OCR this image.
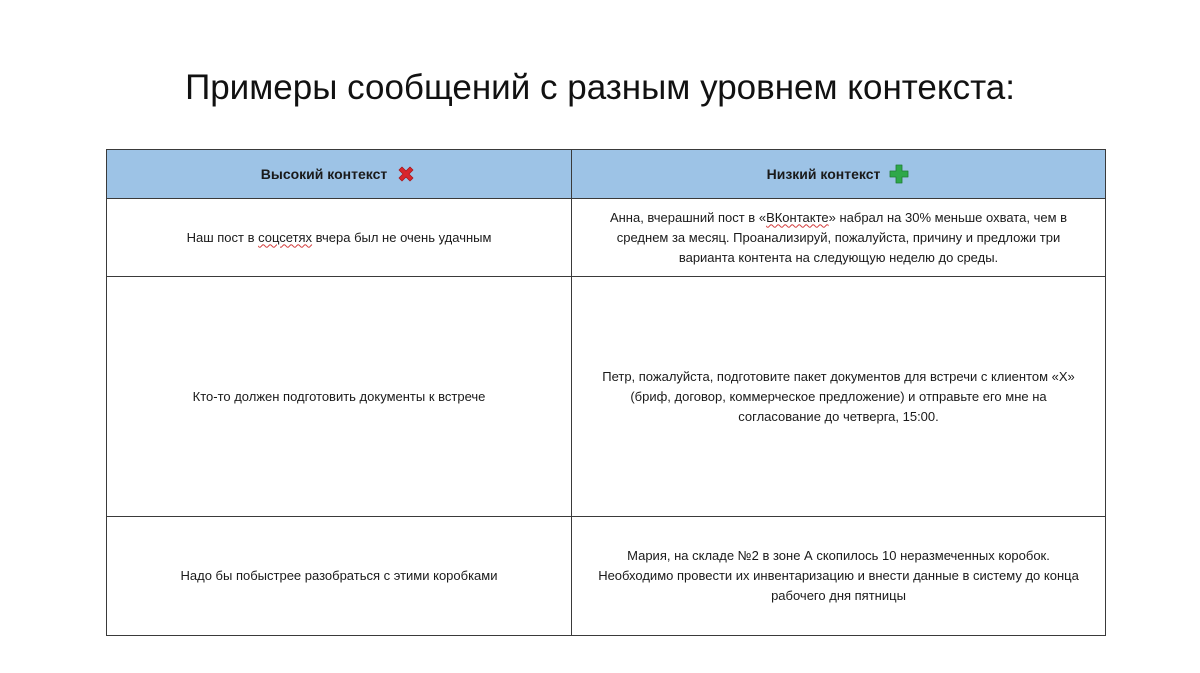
Примеры сообщений с разным уровнем контекста:
Высокий контекст	Низкий контекст

Наш пост в соцсетях вчера был не очень удачным	Анна, вчерашний пост в «ВКонтакте» набрал на 30% меньше охвата, чем в среднем за месяц. Проанализируй, пожалуйста, причину и предложи три варианта контента на следующую неделю до среды.
Кто-то должен подготовить документы к встрече	Петр, пожалуйста, подготовите пакет документов для встречи с клиентом «Х» (бриф, договор, коммерческое предложение) и отправьте его мне на согласование до четверга, 15:00.
Надо бы побыстрее разобраться с этими коробками	Мария, на складе №2 в зоне А скопилось 10 неразмеченных коробок. Необходимо провести их инвентаризацию и внести данные в систему до конца рабочего дня пятницы
